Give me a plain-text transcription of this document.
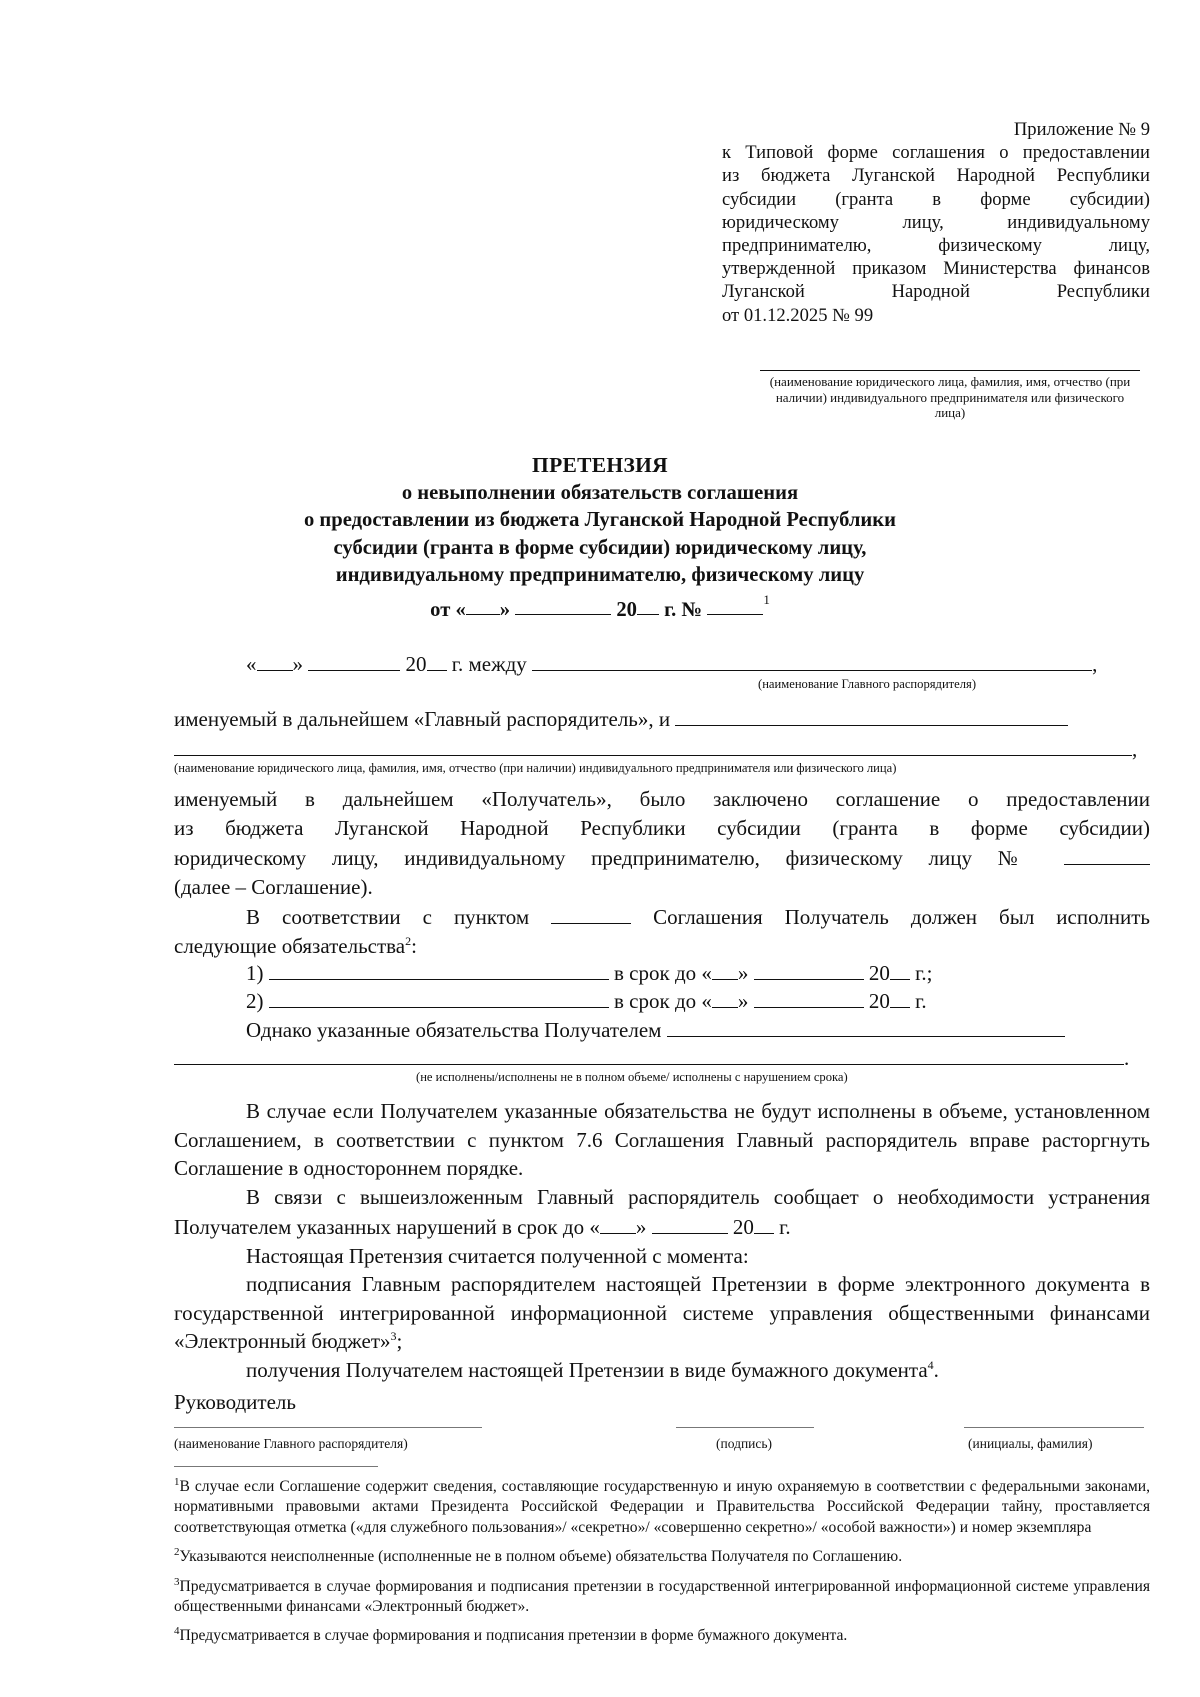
Приложение № 9
к Типовой форме соглашения о предоставлении
из бюджета Луганской Народной Республики
субсидии (гранта в форме субсидии)
юридическому лицу, индивидуальному
предпринимателю, физическому лицу,
утвержденной приказом Министерства финансов
Луганской Народной Республики
от 01.12.2025 № 99
(наименование юридического лица, фамилия, имя, отчество (при наличии) индивидуального предпринимателя или физического лица)
ПРЕТЕНЗИЯ
о невыполнении обязательств соглашения
о предоставлении из бюджета Луганской Народной Республики
субсидии (гранта в форме субсидии) юридическому лицу,
индивидуальному предпринимателю, физическому лицу
от « »	20 г. №	$^1$
« »	20 г. между	,
(наименование Главного распорядителя)
именуемый в дальнейшем «Главный распорядитель», и
,
(наименование юридического лица, фамилия, имя, отчество (при наличии) индивидуального предпринимателя или физического лица)

именуемый в дальнейшем «Получатель», было заключено соглашение о предоставлении

из бюджета Луганской Народной Республики субсидии (гранта в форме субсидии)

юридическому лицу, индивидуальному предпринимателю, физическому лицу №

(далее – Соглашение).

В соответствии с пунктом	Соглашения Получатель должен был исполнить

следующие обязательства$^2$:

1)	в срок до « »	20 г.;
2)	в срок до « »	20 г.
Однако указанные обязательства Получателем
.
(не исполнены/исполнены не в полном объеме/ исполнены с нарушением срока)

В случае если Получателем указанные обязательства не будут исполнены в объеме, установленном Соглашением, в соответствии с пунктом 7.6 Соглашения Главный распорядитель вправе расторгнуть Соглашение в одностороннем порядке.

В связи с вышеизложенным Главный распорядитель сообщает о необходимости устранения Получателем указанных нарушений в срок до « »	20 г.

Настоящая Претензия считается полученной с момента:

подписания Главным распорядителем настоящей Претензии в форме электронного документа в государственной интегрированной информационной системе управления общественными финансами «Электронный бюджет»$^3$;

получения Получателем настоящей Претензии в виде бумажного документа$^4$.

Руководитель
(наименование Главного распорядителя)	(подпись)	(инициалы, фамилия)

$^1$В случае если Соглашение содержит сведения, составляющие государственную и иную охраняемую в соответствии с федеральными законами, нормативными правовыми актами Президента Российской Федерации и Правительства Российской Федерации тайну, проставляется соответствующая отметка («для служебного пользования»/ «секретно»/ «совершенно секретно»/ «особой важности») и номер экземпляра

$^2$Указываются неисполненные (исполненные не в полном объеме) обязательства Получателя по Соглашению.

$^3$Предусматривается в случае формирования и подписания претензии в государственной интегрированной информационной системе управления общественными финансами «Электронный бюджет».

$^4$Предусматривается в случае формирования и подписания претензии в форме бумажного документа.
